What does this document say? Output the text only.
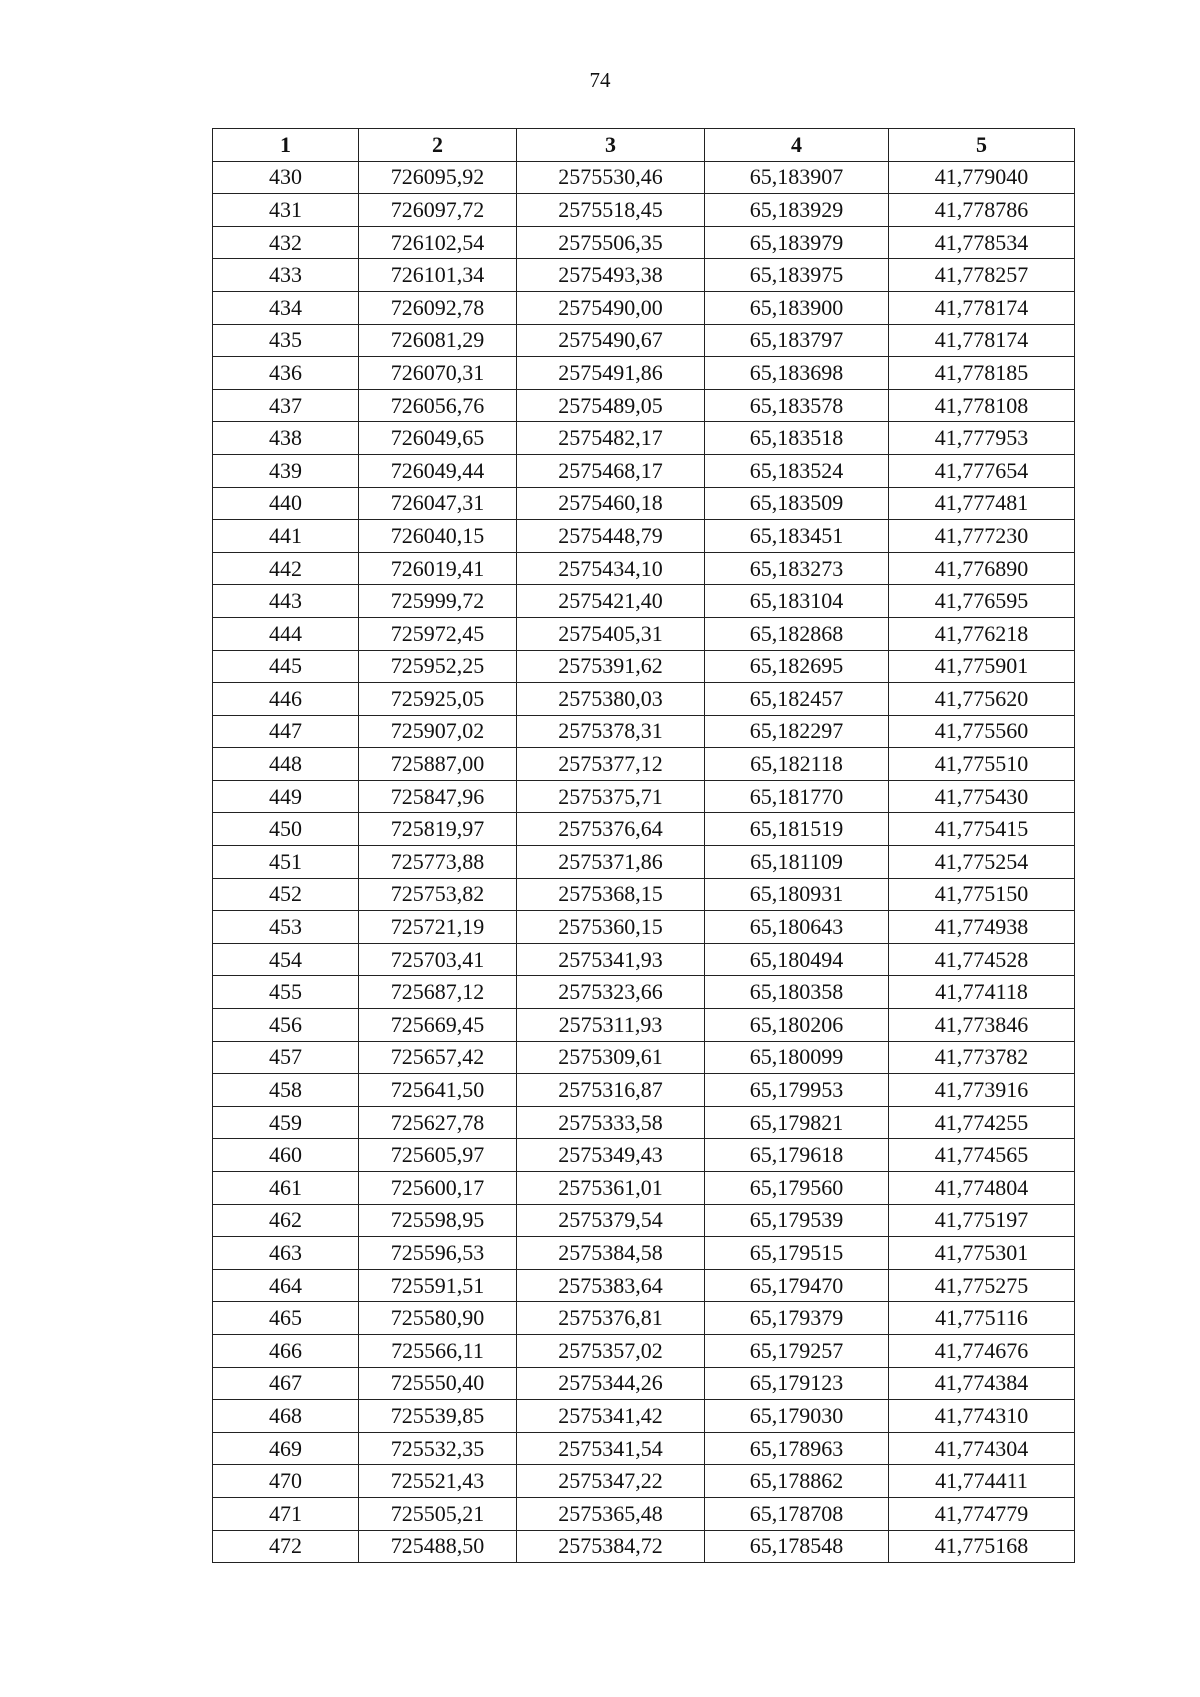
74
1	2	3	4	5
430	726095,92	2575530,46	65,183907	41,779040
431	726097,72	2575518,45	65,183929	41,778786
432	726102,54	2575506,35	65,183979	41,778534
433	726101,34	2575493,38	65,183975	41,778257
434	726092,78	2575490,00	65,183900	41,778174
435	726081,29	2575490,67	65,183797	41,778174
436	726070,31	2575491,86	65,183698	41,778185
437	726056,76	2575489,05	65,183578	41,778108
438	726049,65	2575482,17	65,183518	41,777953
439	726049,44	2575468,17	65,183524	41,777654
440	726047,31	2575460,18	65,183509	41,777481
441	726040,15	2575448,79	65,183451	41,777230
442	726019,41	2575434,10	65,183273	41,776890
443	725999,72	2575421,40	65,183104	41,776595
444	725972,45	2575405,31	65,182868	41,776218
445	725952,25	2575391,62	65,182695	41,775901
446	725925,05	2575380,03	65,182457	41,775620
447	725907,02	2575378,31	65,182297	41,775560
448	725887,00	2575377,12	65,182118	41,775510
449	725847,96	2575375,71	65,181770	41,775430
450	725819,97	2575376,64	65,181519	41,775415
451	725773,88	2575371,86	65,181109	41,775254
452	725753,82	2575368,15	65,180931	41,775150
453	725721,19	2575360,15	65,180643	41,774938
454	725703,41	2575341,93	65,180494	41,774528
455	725687,12	2575323,66	65,180358	41,774118
456	725669,45	2575311,93	65,180206	41,773846
457	725657,42	2575309,61	65,180099	41,773782
458	725641,50	2575316,87	65,179953	41,773916
459	725627,78	2575333,58	65,179821	41,774255
460	725605,97	2575349,43	65,179618	41,774565
461	725600,17	2575361,01	65,179560	41,774804
462	725598,95	2575379,54	65,179539	41,775197
463	725596,53	2575384,58	65,179515	41,775301
464	725591,51	2575383,64	65,179470	41,775275
465	725580,90	2575376,81	65,179379	41,775116
466	725566,11	2575357,02	65,179257	41,774676
467	725550,40	2575344,26	65,179123	41,774384
468	725539,85	2575341,42	65,179030	41,774310
469	725532,35	2575341,54	65,178963	41,774304
470	725521,43	2575347,22	65,178862	41,774411
471	725505,21	2575365,48	65,178708	41,774779
472	725488,50	2575384,72	65,178548	41,775168
